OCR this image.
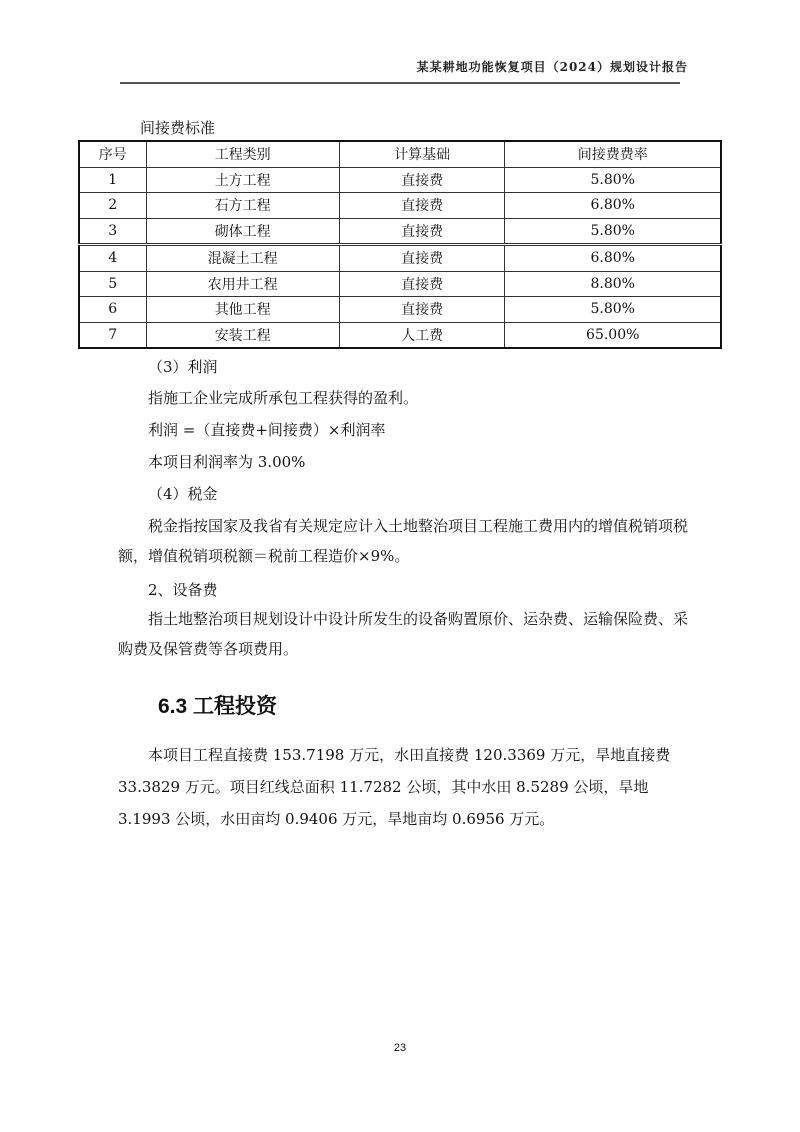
某某耕地功能恢复项目（2024）规划设计报告
间接费标准
序号	工程类别	计算基础	间接费费率
1	土方工程	直接费	5.80%
2	石方工程	直接费	6.80%
3	砌体工程	直接费	5.80%
4	混凝土工程	直接费	6.80%
5	农用井工程	直接费	8.80%
6	其他工程	直接费	5.80%
7	安装工程	人工费	65.00%
（3）利润
指施工企业完成所承包工程获得的盈利。
利润 =（直接费+间接费）×利润率
本项目利润率为 3.00%
（4）税金
税金指按国家及我省有关规定应计入土地整治项目工程施工费用内的增值税销项税额，增值税销项税额＝税前工程造价×9%。
2、设备费
指土地整治项目规划设计中设计所发生的设备购置原价、运杂费、运输保险费、采购费及保管费等各项费用。
6.3 工程投资
本项目工程直接费 153.7198 万元，水田直接费 120.3369 万元，旱地直接费 33.3829 万元。项目红线总面积 11.7282 公顷，其中水田 8.5289 公顷，旱地 3.1993 公顷，水田亩均 0.9406 万元，旱地亩均 0.6956 万元。
23
